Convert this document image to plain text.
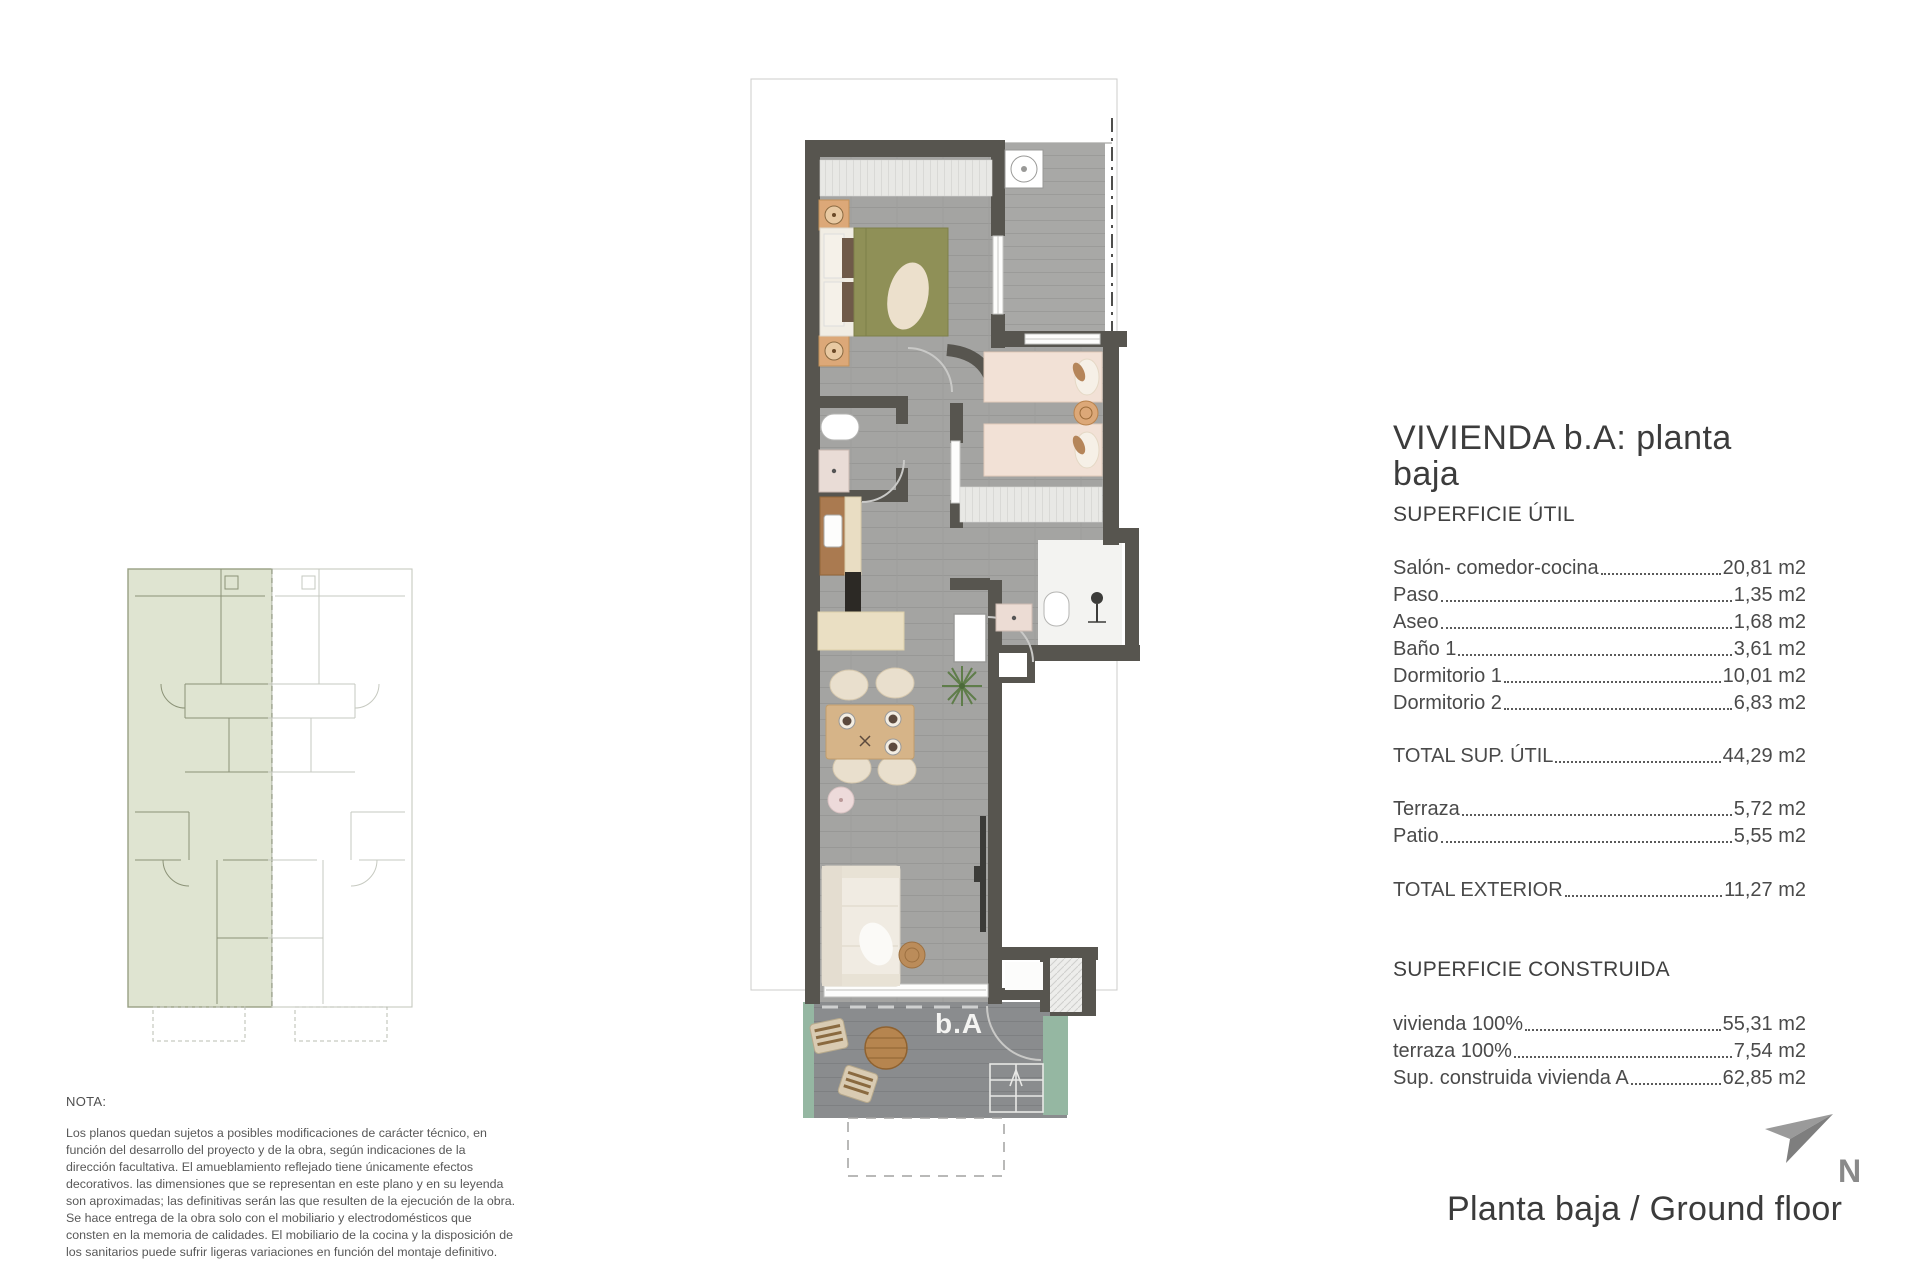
b.A
VIVIENDA b.A: planta baja
SUPERFICIE ÚTIL
Salón- comedor-cocina	20,81 m2
Paso	1,35 m2
Aseo	1,68 m2
Baño 1	3,61 m2
Dormitorio 1	10,01 m2
Dormitorio 2	6,83 m2
TOTAL SUP. ÚTIL	44,29 m2
Terraza	5,72 m2
Patio	5,55 m2
TOTAL EXTERIOR	11,27 m2
SUPERFICIE CONSTRUIDA
vivienda 100%	55,31 m2
terraza 100%	7,54 m2
Sup. construida vivienda A	62,85 m2
NOTA:
Los planos quedan sujetos a posibles modificaciones de carácter técnico, en función del desarrollo del proyecto y de la obra, según indicaciones de la dirección facultativa. El amueblamiento reflejado tiene únicamente efectos decorativos. las dimensiones que se representan en este plano y en su leyenda son aproximadas; las definitivas serán las que resulten de la ejecución de la obra. Se hace entrega de la obra solo con el mobiliario y electrodomésticos que consten en la memoria de calidades. El mobiliario de la cocina y la disposición de los sanitarios puede sufrir ligeras variaciones en función del montaje definitivo.
N
Planta baja / Ground floor
